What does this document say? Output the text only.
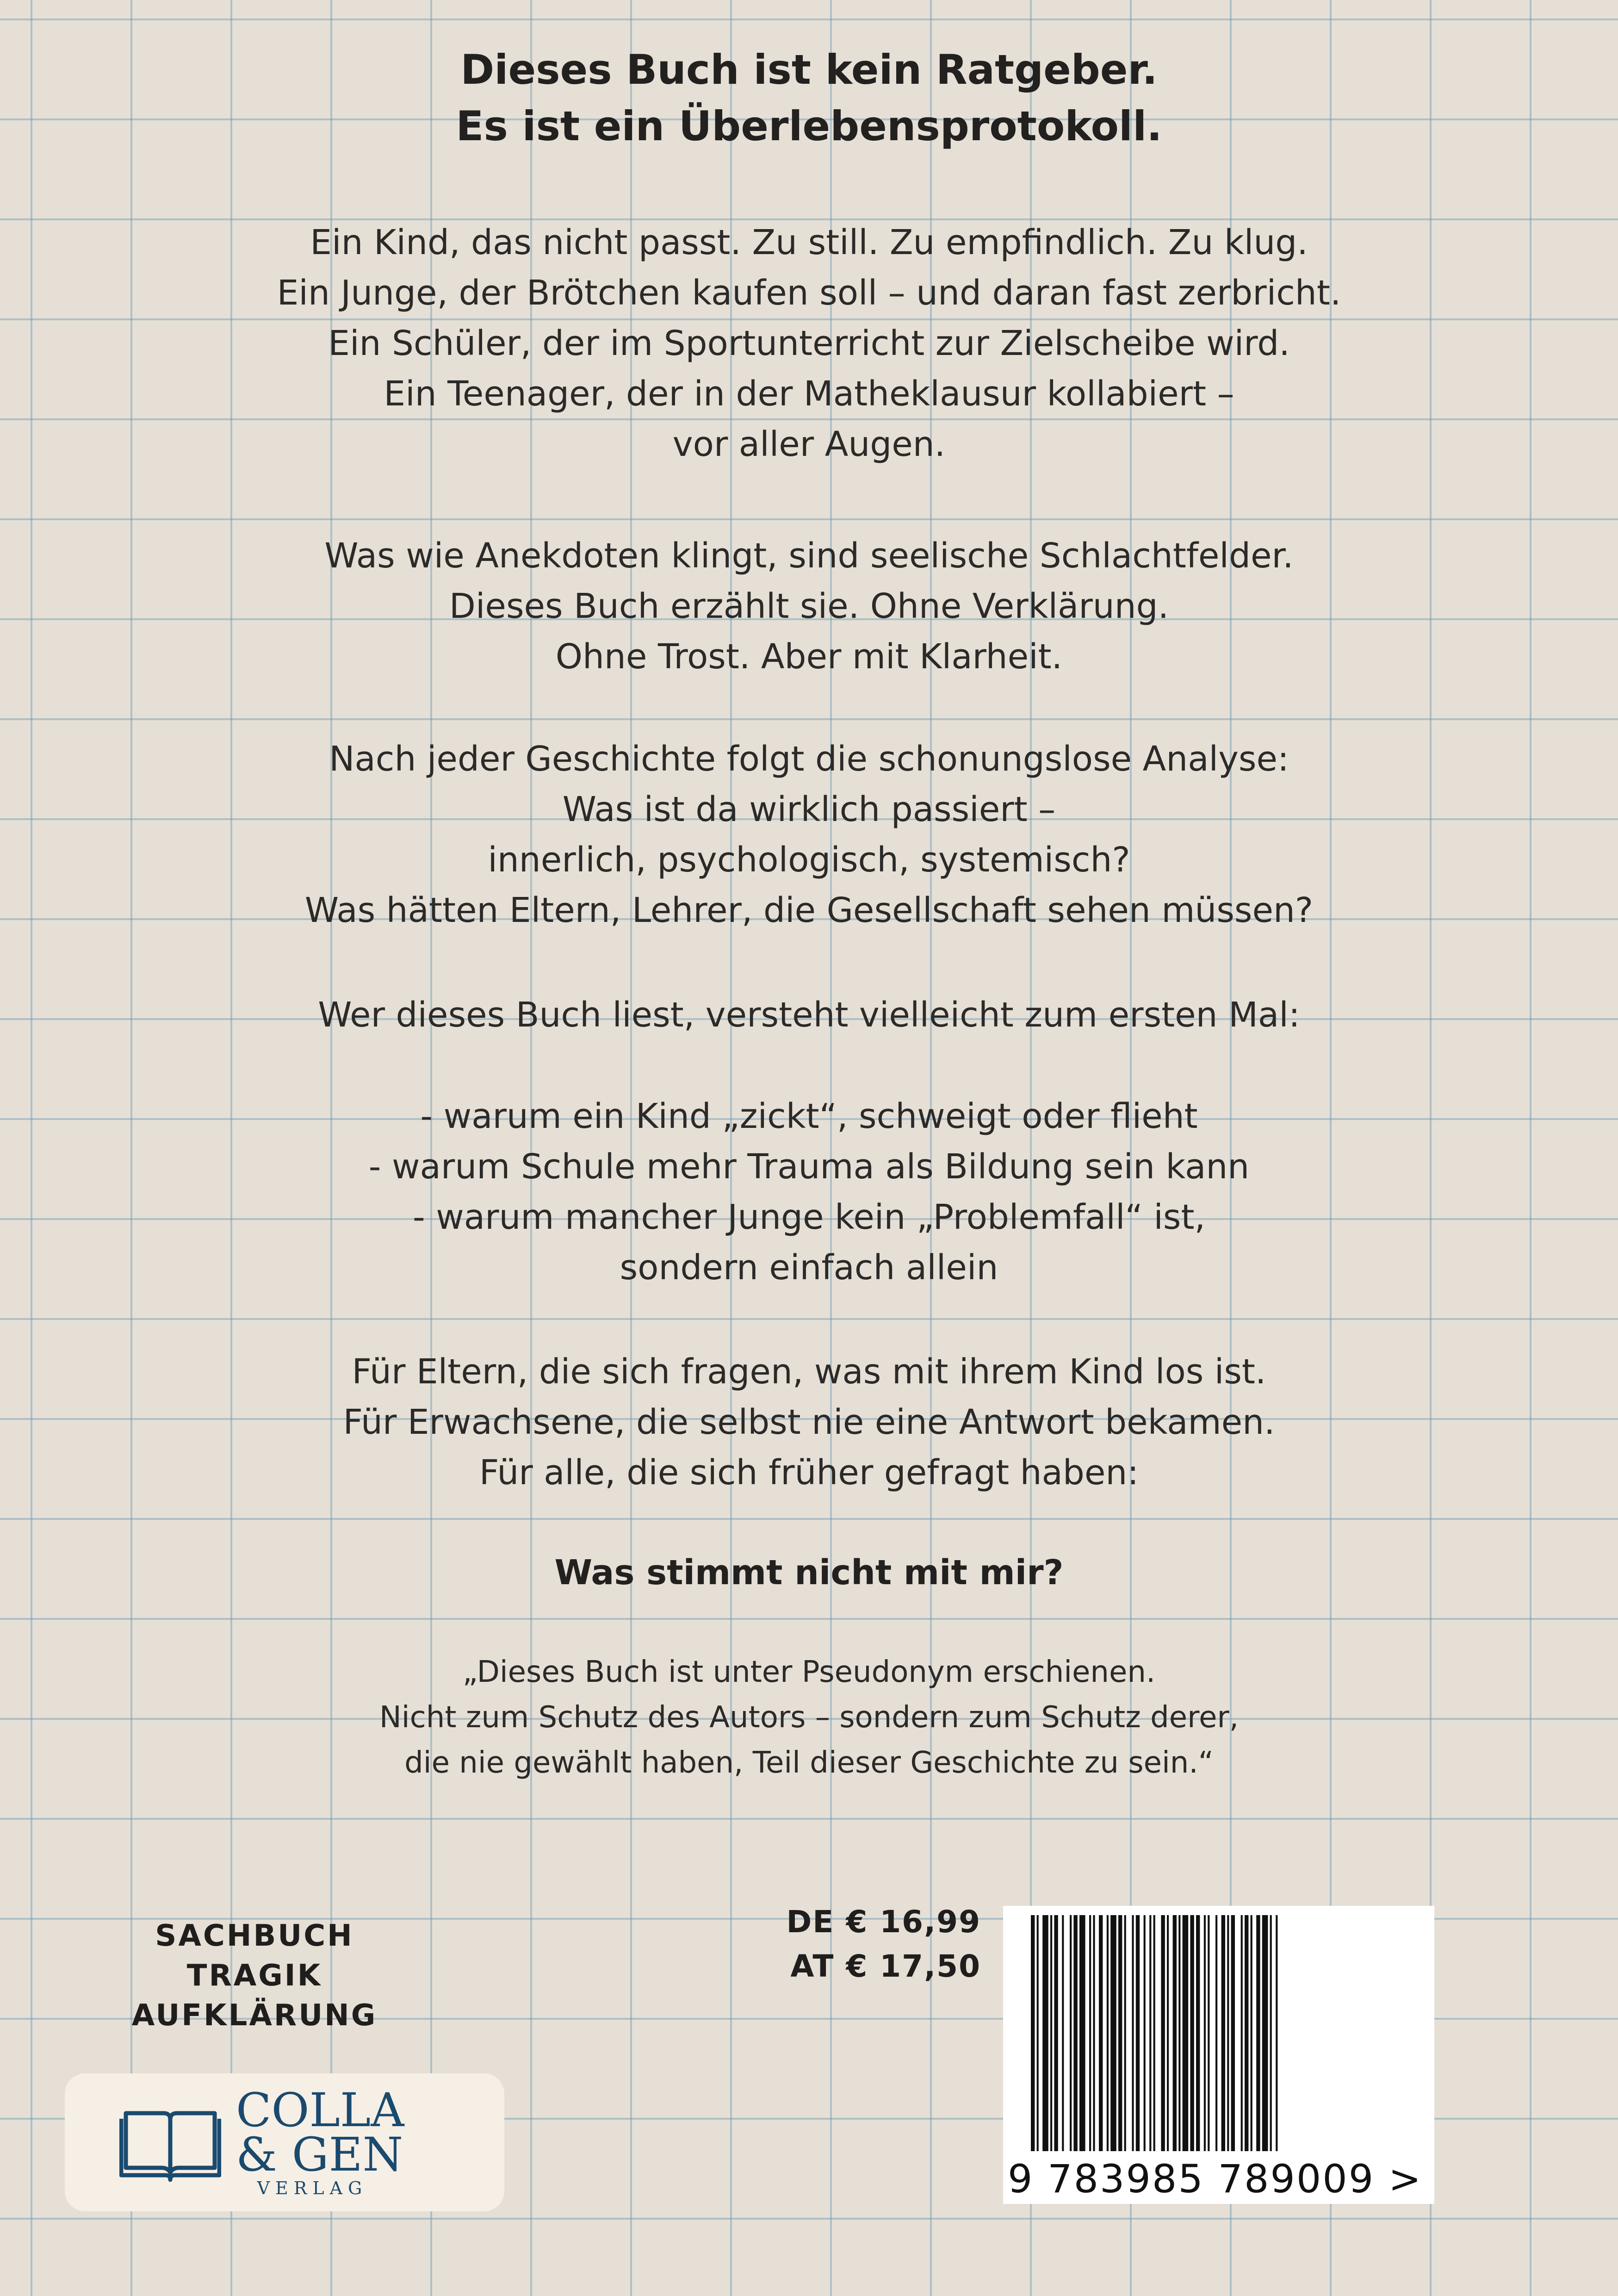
Dieses Buch ist kein Ratgeber.
Es ist ein Überlebensprotokoll.
Ein Kind, das nicht passt. Zu still. Zu empfindlich. Zu klug.
Ein Junge, der Brötchen kaufen soll – und daran fast zerbricht.
Ein Schüler, der im Sportunterricht zur Zielscheibe wird.
Ein Teenager, der in der Matheklausur kollabiert –
vor aller Augen.
Was wie Anekdoten klingt, sind seelische Schlachtfelder.
Dieses Buch erzählt sie. Ohne Verklärung.
Ohne Trost. Aber mit Klarheit.
Nach jeder Geschichte folgt die schonungslose Analyse:
Was ist da wirklich passiert –
innerlich, psychologisch, systemisch?
Was hätten Eltern, Lehrer, die Gesellschaft sehen müssen?
Wer dieses Buch liest, versteht vielleicht zum ersten Mal:
- warum ein Kind „zickt“, schweigt oder flieht
- warum Schule mehr Trauma als Bildung sein kann
- warum mancher Junge kein „Problemfall“ ist,
sondern einfach allein
Für Eltern, die sich fragen, was mit ihrem Kind los ist.
Für Erwachsene, die selbst nie eine Antwort bekamen.
Für alle, die sich früher gefragt haben:
Was stimmt nicht mit mir?
„Dieses Buch ist unter Pseudonym erschienen.
Nicht zum Schutz des Autors – sondern zum Schutz derer,
die nie gewählt haben, Teil dieser Geschichte zu sein.“
SACHBUCH
TRAGIK
AUFKLÄRUNG
DE € 16,99
AT € 17,50
9 783985 789009 >
COLLA
& GEN
VERLAG
